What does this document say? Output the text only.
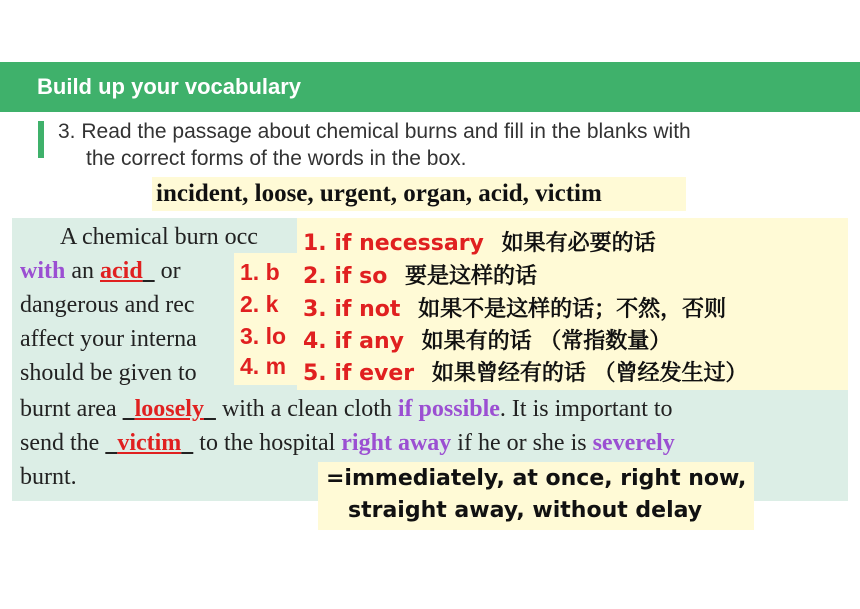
Build up your vocabulary
3. Read the passage about chemical burns and fill in the blanks with
the correct forms of the words in the box.
incident, loose, urgent, organ, acid, victim
A chemical burn occ
with an acid   or
dangerous and rec
affect your interna
should be given to
burnt area   loosely   with a clean cloth if possible. It is important to
send the   victim   to the hospital right away if he or she is severely
burnt.
1. b
2. k
3. lo
4. m
1. if necessary 如果有必要的话
2. if so 要是这样的话
3. if not 如果不是这样的话；不然，否则
4. if any 如果有的话 （常指数量）
5. if ever 如果曾经有的话 （曾经发生过）
=immediately, at once, right now,
straight away, without delay
